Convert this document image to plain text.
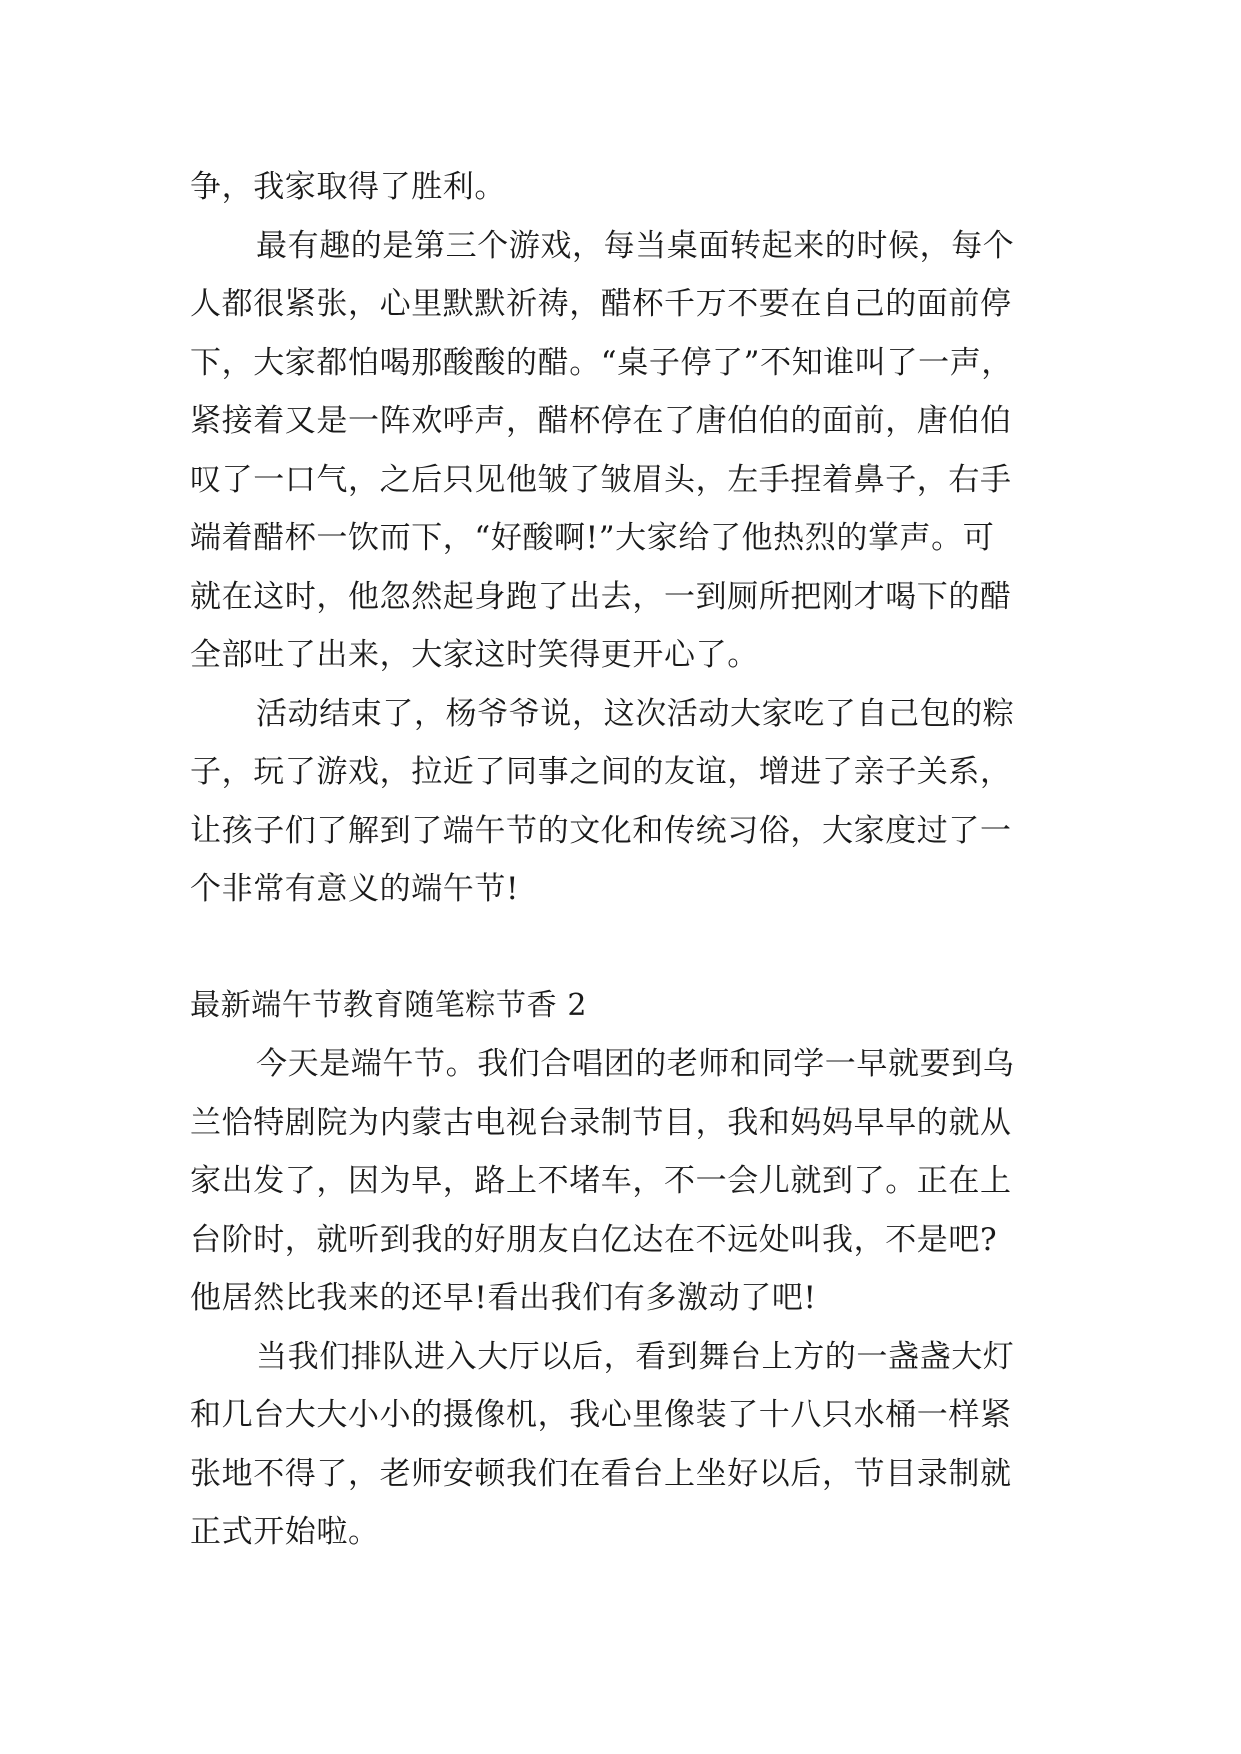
争，我家取得了胜利。
最有趣的是第三个游戏，每当桌面转起来的时候，每个
人都很紧张，心里默默祈祷，醋杯千万不要在自己的面前停
下，大家都怕喝那酸酸的醋。“桌子停了”不知谁叫了一声，
紧接着又是一阵欢呼声，醋杯停在了唐伯伯的面前，唐伯伯
叹了一口气，之后只见他皱了皱眉头，左手捏着鼻子，右手
端着醋杯一饮而下，“好酸啊!”大家给了他热烈的掌声。可
就在这时，他忽然起身跑了出去，一到厕所把刚才喝下的醋
全部吐了出来，大家这时笑得更开心了。
活动结束了，杨爷爷说，这次活动大家吃了自己包的粽
子，玩了游戏，拉近了同事之间的友谊，增进了亲子关系，
让孩子们了解到了端午节的文化和传统习俗，大家度过了一
个非常有意义的端午节!
最新端午节教育随笔粽节香 2
今天是端午节。我们合唱团的老师和同学一早就要到乌
兰恰特剧院为内蒙古电视台录制节目，我和妈妈早早的就从
家出发了，因为早，路上不堵车，不一会儿就到了。正在上
台阶时，就听到我的好朋友白亿达在不远处叫我，不是吧?
他居然比我来的还早!看出我们有多激动了吧!
当我们排队进入大厅以后，看到舞台上方的一盏盏大灯
和几台大大小小的摄像机，我心里像装了十八只水桶一样紧
张地不得了，老师安顿我们在看台上坐好以后，节目录制就
正式开始啦。
